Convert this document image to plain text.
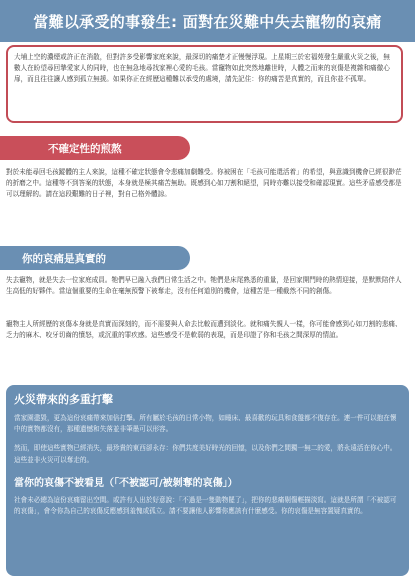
當難以承受的事發生: 面對在災難中失去寵物的哀痛

大埔上空的濃煙或許正在消散，但對許多受影響家庭來說，最深切的痛楚才正慢慢浮現。上星期三於宏福苑發生嚴重火災之後，無數人在盼望尋回摯愛家人的同時，也在無急地尋找家裡心愛的毛孩。當寵物如此突然地離世時，人體之而來的哀傷是複雜和痛徹心扉，而且往往讓人感到孤立無援。如果你正在經歷這種難以承受的處境，請先記住：你的痛苦是真實的，而且你並不孤單。

不確定性的煎熬

對於未能尋回毛孩蹤體的主人來說，這種不確定狀態會令悲痛加劇難受。你被困在「毛孩可能還活着」的希望，與意識到機會已經很渺茫的折磨之中。這種等不到答案的狀態，本身就是極其痛苦無助。既感到心如刀割和絕望，同時亦難以接受和確認現實。這些矛盾感受都是可以理解的。請在這段艱難的日子裡，對自己格外體諒。

你的哀痛是真實的

失去寵物，就是失去一位家庭成員。牠們早已融入我們日常生活之中。牠們是床尾熟悉的重量，是回家開門時的熱情迎接，是默默陪伴人生高低的好夥伴。當這個重要的生命在毫無預警下被奪走，沒有任何道別的機會，這種苦是一種截然不同的創傷。

寵物主人所經歷的哀傷本身就是真實而深刻的，而不需要與人命去比較而遭到淡化。就和痛失親人一樣，你可能會感到心如刀割的悲痛、乏力的麻木、咬牙切齒的憤怒，或沉重的罪疚感。這些感受不是軟弱的表現，而是印證了你和毛孩之間深厚的情誼。

火災帶來的多重打擊

當家園盡毀，更為這份哀痛帶來加倍打擊。所有屬於毛孩的日常小物，如睡床、最喜歡的玩具和食盤都不復存在。連一件可以抱在懷中的實物都沒有，那種遺憾和失落並非筆墨可以形容。

然而，即使這些實物已經消失，最珍貴的東西卻永存：你們共度美好時光的回憶，以及你們之間獨一無二的愛，將永遠活在你心中。這些並非火災可以奪走的。

當你的哀傷不被看見（「不被認可/被剝奪的哀傷」）

社會未必總為這份哀痛留出空間。或許有人出於好意說：「不過是一隻動物罷了」，把你的悲痛剔傷輕描淡寫。這就是所謂「不被認可的哀傷」，會令你為自己的哀傷反應感到羞愧或孤立。請不要讓他人影響你應該有什麼感受。你的哀傷是無容置疑真實的。
